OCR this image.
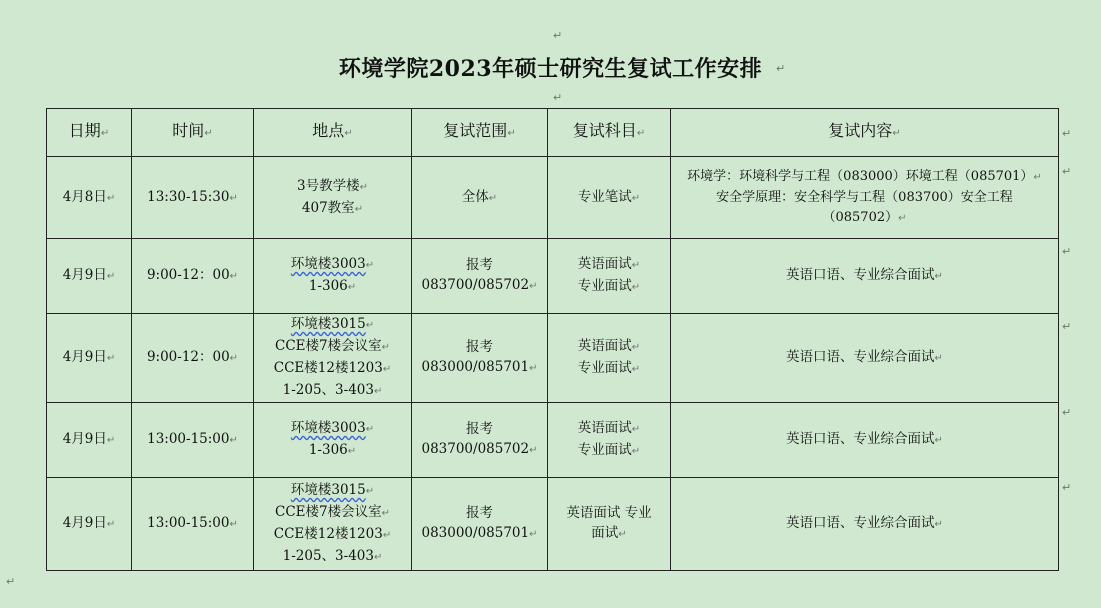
↵
环境学院2023年硕士研究生复试工作安排	↵
↵
日期↵	时间↵	地点↵	复试范围↵	复试科目↵	复试内容↵
4月8日↵	13:30-15:30↵	3号教学楼↵
407教室↵	全体↵	专业笔试↵	环境学：环境科学与工程（083000）环境工程（085701）↵
安全学原理：安全科学与工程（083700）安全工程
（085702）↵

4月9日↵	9:00-12：00↵	环境楼3003↵
1-306↵	报考
083700/085702↵	英语面试↵
专业面试↵	英语口语、专业综合面试↵
4月9日↵	9:00-12：00↵	环境楼3015↵
CCE楼7楼会议室↵
CCE楼12楼1203↵
1-205、3-403↵	报考
083000/085701↵	英语面试↵
专业面试↵	英语口语、专业综合面试↵
4月9日↵	13:00-15:00↵	环境楼3003↵
1-306↵	报考
083700/085702↵	英语面试↵
专业面试↵	英语口语、专业综合面试↵
4月9日↵	13:00-15:00↵	环境楼3015↵
CCE楼7楼会议室↵
CCE楼12楼1203↵
1-205、3-403↵	报考
083000/085701↵	英语面试 专业
面试↵	英语口语、专业综合面试↵
↵
↵
↵
↵
↵
↵
↵
